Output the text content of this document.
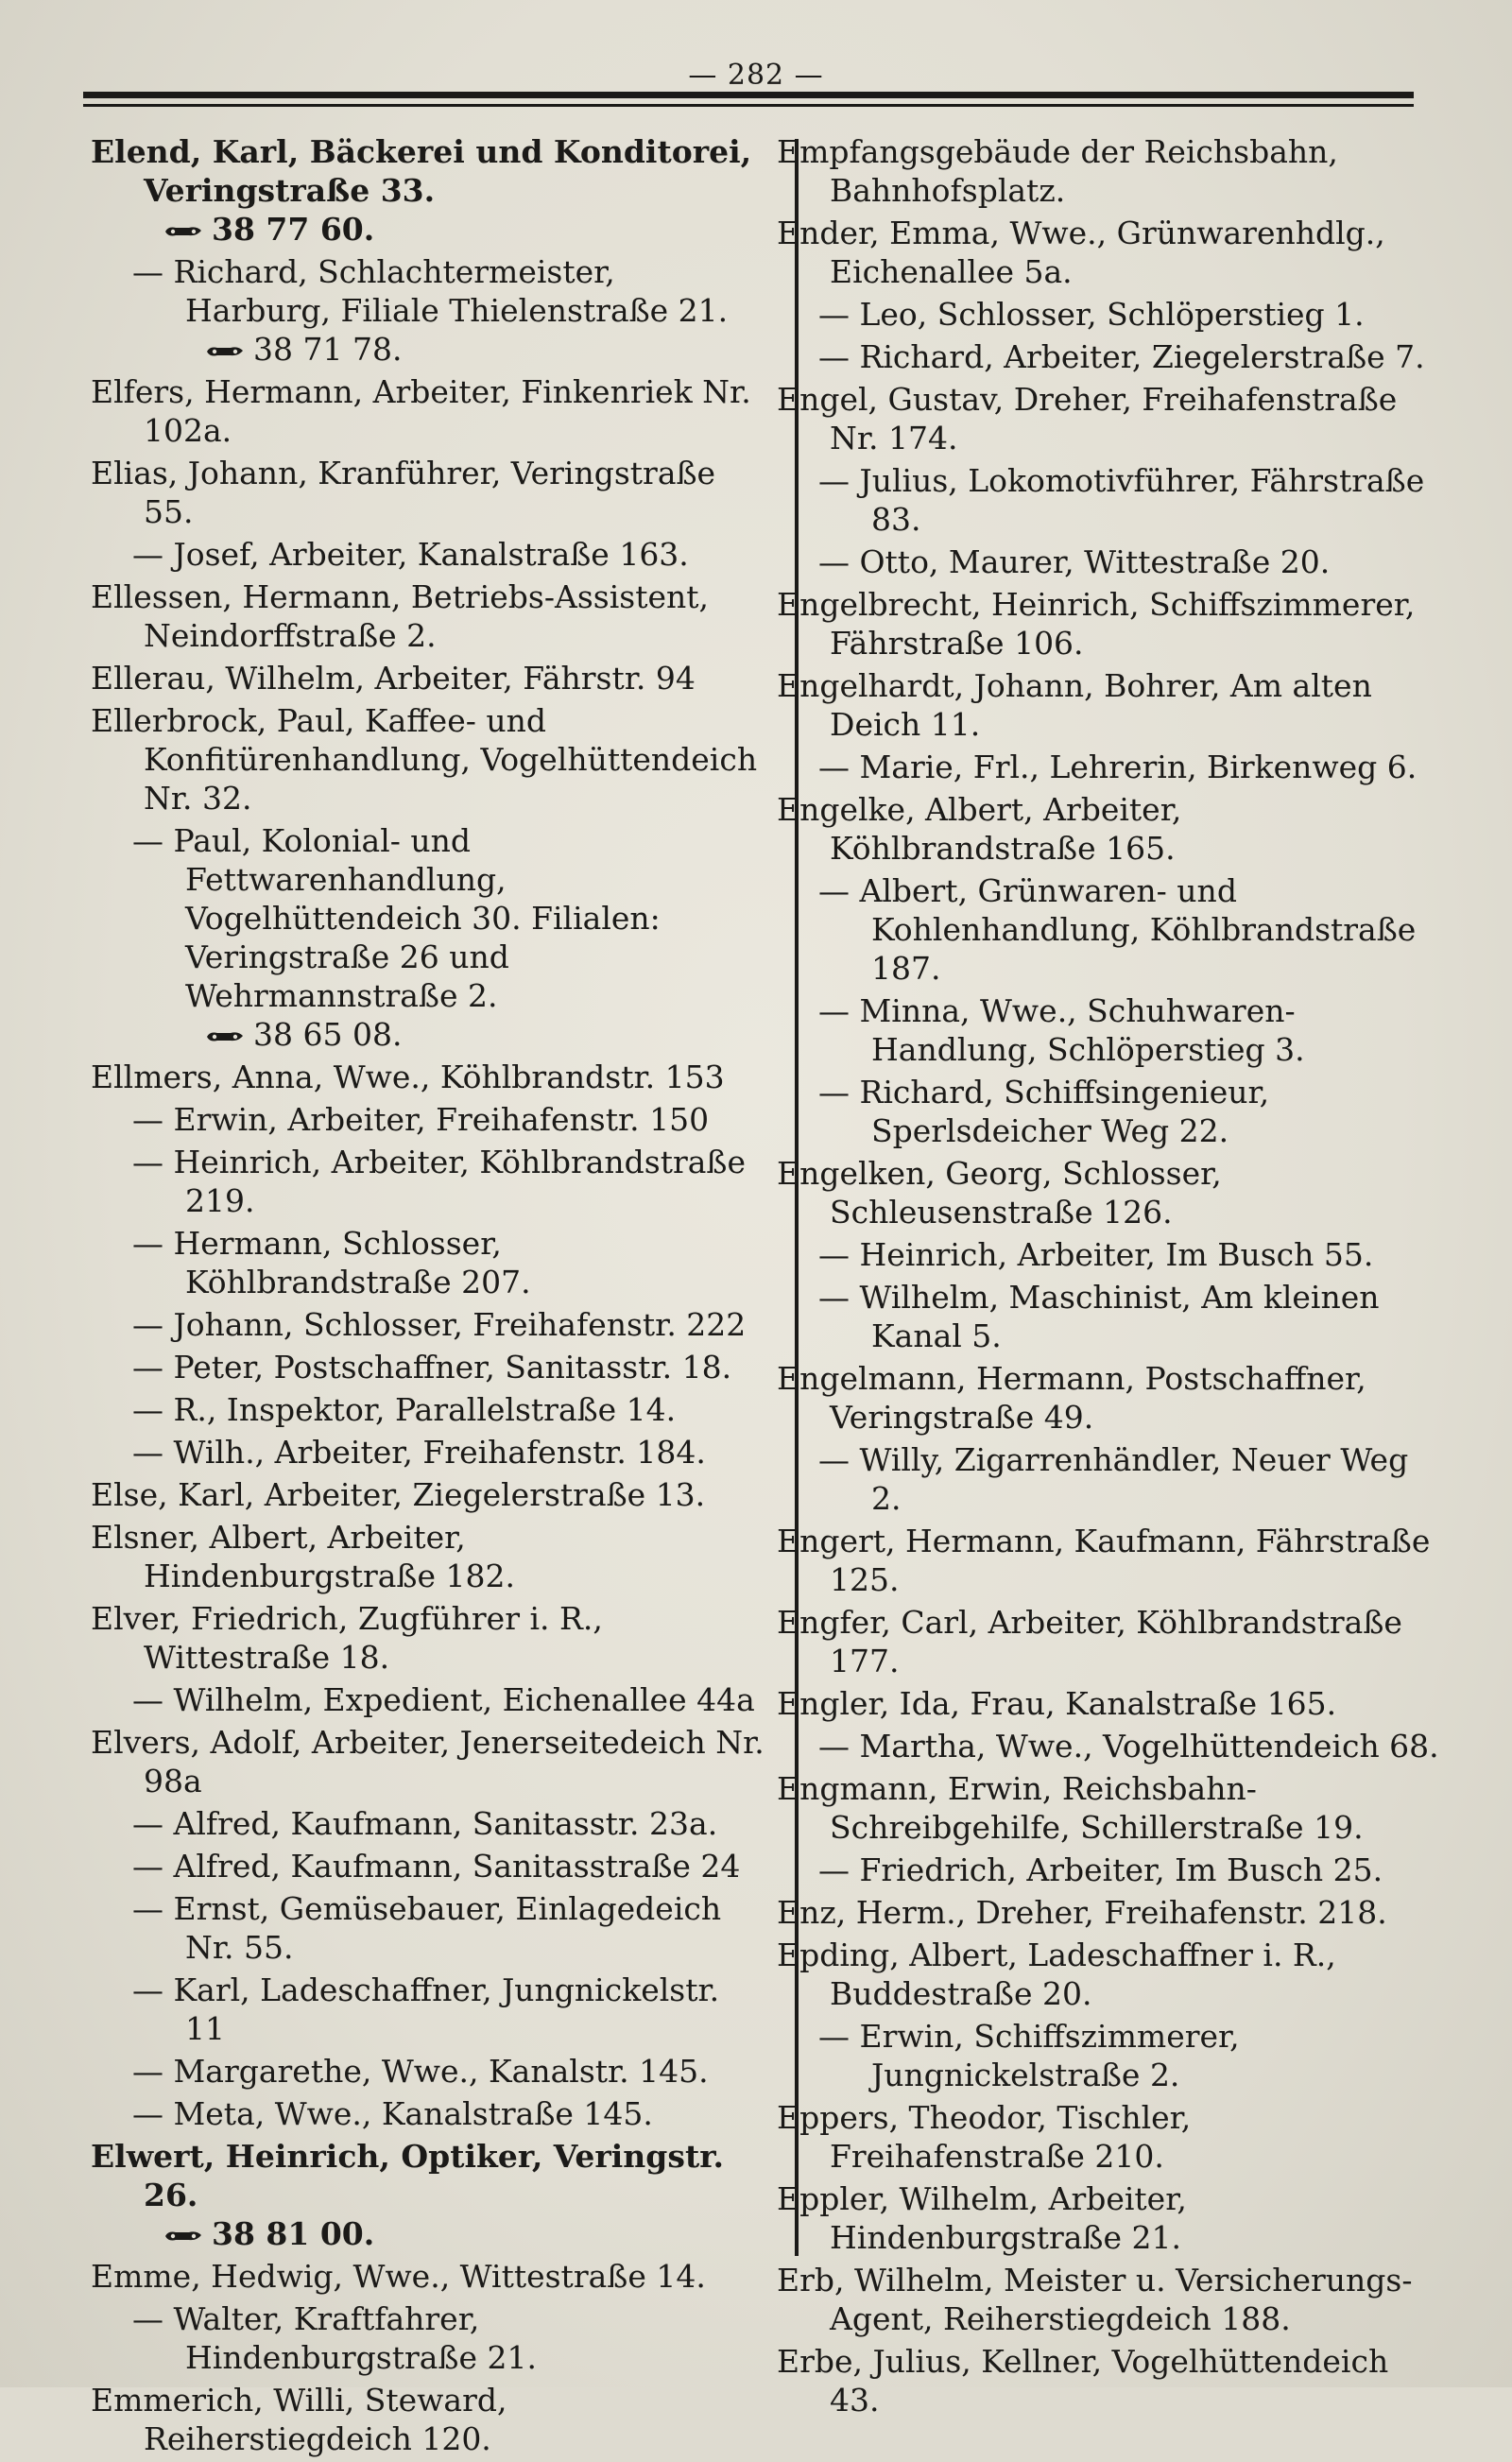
— 282 —
Elend, Karl, Bäckerei und Konditorei, Veringstraße 33.
38 77 60.
— Richard, Schlachtermeister, Harburg, Filiale Thielenstraße 21.
38 71 78.
Elfers, Hermann, Arbeiter, Finkenriek Nr. 102a.
Elias, Johann, Kranführer, Veringstraße 55.
— Josef, Arbeiter, Kanalstraße 163.
Ellessen, Hermann, Betriebs-Assistent, Neindorffstraße 2.
Ellerau, Wilhelm, Arbeiter, Fährstr. 94
Ellerbrock, Paul, Kaffee- und Konfitürenhandlung, Vogelhüttendeich Nr. 32.
— Paul, Kolonial- und Fettwarenhandlung, Vogelhüttendeich 30. Filialen: Veringstraße 26 und Wehrmannstraße 2.
38 65 08.
Ellmers, Anna, Wwe., Köhlbrandstr. 153
— Erwin, Arbeiter, Freihafenstr. 150
— Heinrich, Arbeiter, Köhlbrandstraße 219.
— Hermann, Schlosser, Köhlbrandstraße 207.
— Johann, Schlosser, Freihafenstr. 222
— Peter, Postschaffner, Sanitasstr. 18.
— R., Inspektor, Parallelstraße 14.
— Wilh., Arbeiter, Freihafenstr. 184.
Else, Karl, Arbeiter, Ziegelerstraße 13.
Elsner, Albert, Arbeiter, Hindenburgstraße 182.
Elver, Friedrich, Zugführer i. R., Wittestraße 18.
— Wilhelm, Expedient, Eichenallee 44a
Elvers, Adolf, Arbeiter, Jenerseitedeich Nr. 98a
— Alfred, Kaufmann, Sanitasstr. 23a.
— Alfred, Kaufmann, Sanitasstraße 24
— Ernst, Gemüsebauer, Einlagedeich Nr. 55.
— Karl, Ladeschaffner, Jungnickelstr. 11
— Margarethe, Wwe., Kanalstr. 145.
— Meta, Wwe., Kanalstraße 145.
Elwert, Heinrich, Optiker, Veringstr. 26.
38 81 00.
Emme, Hedwig, Wwe., Wittestraße 14.
— Walter, Kraftfahrer, Hindenburgstraße 21.
Emmerich, Willi, Steward, Reiherstiegdeich 120.
Empfangsgebäude der Reichsbahn, Bahnhofsplatz.
Ender, Emma, Wwe., Grünwarenhdlg., Eichenallee 5a.
— Leo, Schlosser, Schlöperstieg 1.
— Richard, Arbeiter, Ziegelerstraße 7.
Engel, Gustav, Dreher, Freihafenstraße Nr. 174.
— Julius, Lokomotivführer, Fährstraße 83.
— Otto, Maurer, Wittestraße 20.
Engelbrecht, Heinrich, Schiffszimmerer, Fährstraße 106.
Engelhardt, Johann, Bohrer, Am alten Deich 11.
— Marie, Frl., Lehrerin, Birkenweg 6.
Engelke, Albert, Arbeiter, Köhlbrandstraße 165.
— Albert, Grünwaren- und Kohlenhandlung, Köhlbrandstraße 187.
— Minna, Wwe., Schuhwaren-Handlung, Schlöperstieg 3.
— Richard, Schiffsingenieur, Sperlsdeicher Weg 22.
Engelken, Georg, Schlosser, Schleusenstraße 126.
— Heinrich, Arbeiter, Im Busch 55.
— Wilhelm, Maschinist, Am kleinen Kanal 5.
Engelmann, Hermann, Postschaffner, Veringstraße 49.
— Willy, Zigarrenhändler, Neuer Weg 2.
Engert, Hermann, Kaufmann, Fährstraße 125.
Engfer, Carl, Arbeiter, Köhlbrandstraße 177.
Engler, Ida, Frau, Kanalstraße 165.
— Martha, Wwe., Vogelhüttendeich 68.
Engmann, Erwin, Reichsbahn-Schreibgehilfe, Schillerstraße 19.
— Friedrich, Arbeiter, Im Busch 25.
Enz, Herm., Dreher, Freihafenstr. 218.
Epding, Albert, Ladeschaffner i. R., Buddestraße 20.
— Erwin, Schiffszimmerer, Jungnickelstraße 2.
Eppers, Theodor, Tischler, Freihafenstraße 210.
Eppler, Wilhelm, Arbeiter, Hindenburgstraße 21.
Erb, Wilhelm, Meister u. Versicherungs-Agent, Reiherstiegdeich 188.
Erbe, Julius, Kellner, Vogelhüttendeich 43.
